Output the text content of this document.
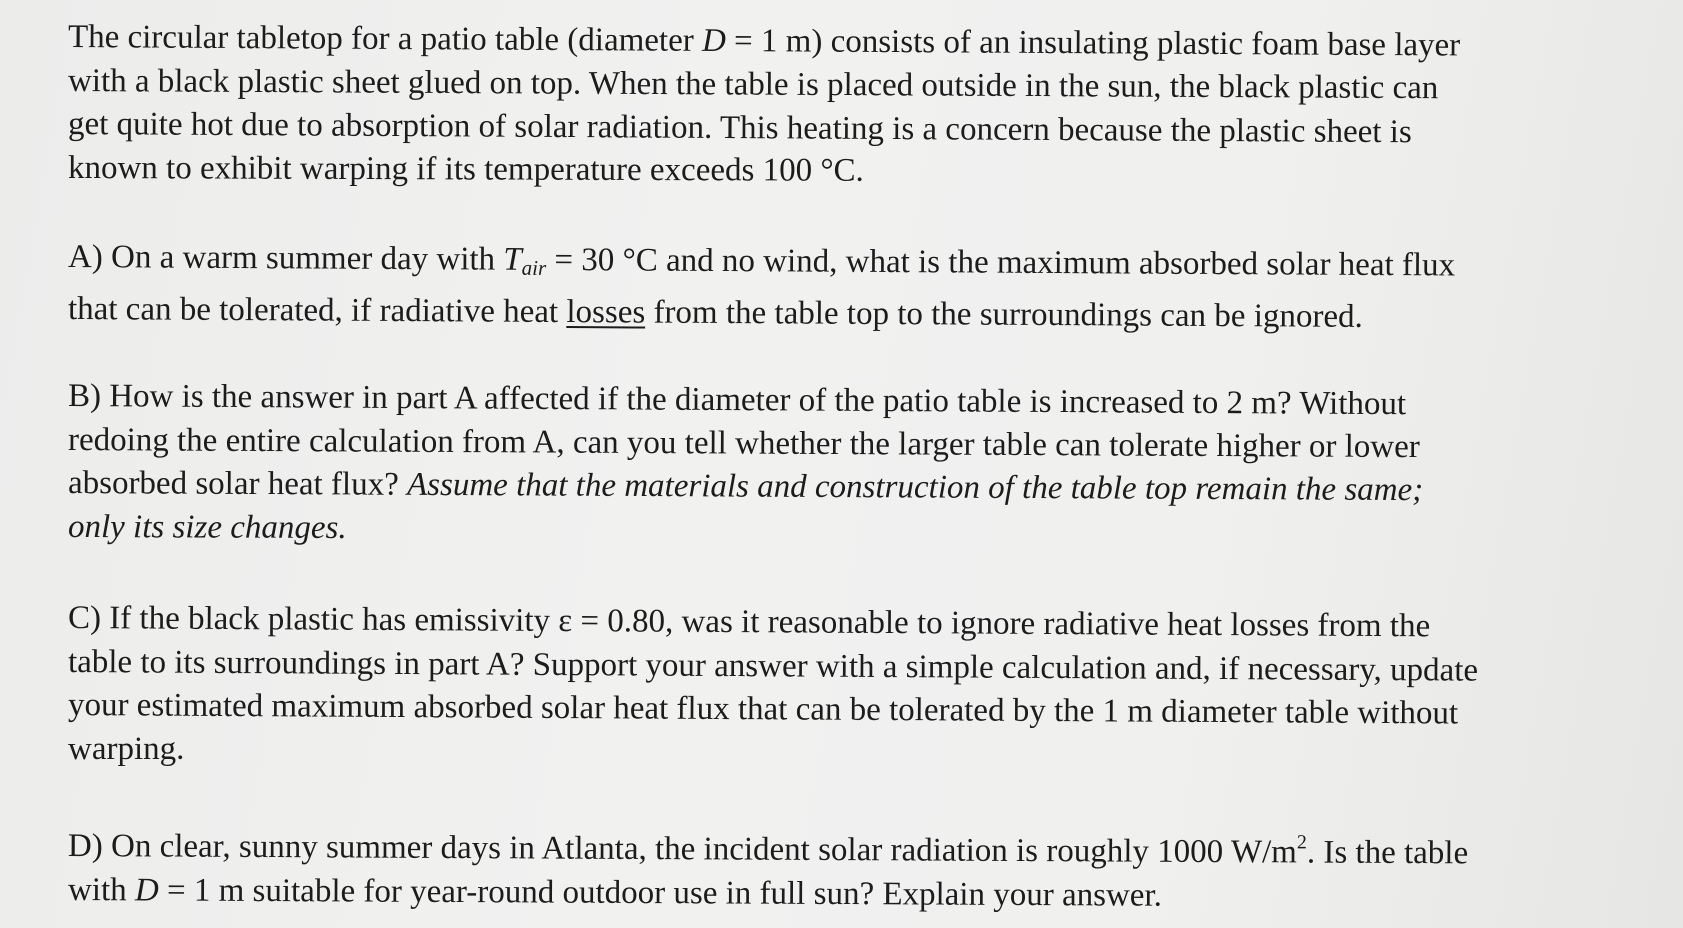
The circular tabletop for a patio table (diameter D = 1 m) consists of an insulating plastic foam base layer
with a black plastic sheet glued on top. When the table is placed outside in the sun, the black plastic can
get quite hot due to absorption of solar radiation. This heating is a concern because the plastic sheet is
known to exhibit warping if its temperature exceeds 100 °C.
A) On a warm summer day with $T_{air} = 30$ °C and no wind, what is the maximum absorbed solar heat flux
that can be tolerated, if radiative heat losses from the table top to the surroundings can be ignored.
B) How is the answer in part A affected if the diameter of the patio table is increased to 2 m? Without
redoing the entire calculation from A, can you tell whether the larger table can tolerate higher or lower
absorbed solar heat flux? Assume that the materials and construction of the table top remain the same;
only its size changes.
C) If the black plastic has emissivity ε = 0.80, was it reasonable to ignore radiative heat losses from the
table to its surroundings in part A? Support your answer with a simple calculation and, if necessary, update
your estimated maximum absorbed solar heat flux that can be tolerated by the 1 m diameter table without
warping.
D) On clear, sunny summer days in Atlanta, the incident solar radiation is roughly 1000 $W/m^2$. Is the table
with D = 1 m suitable for year-round outdoor use in full sun? Explain your answer.
